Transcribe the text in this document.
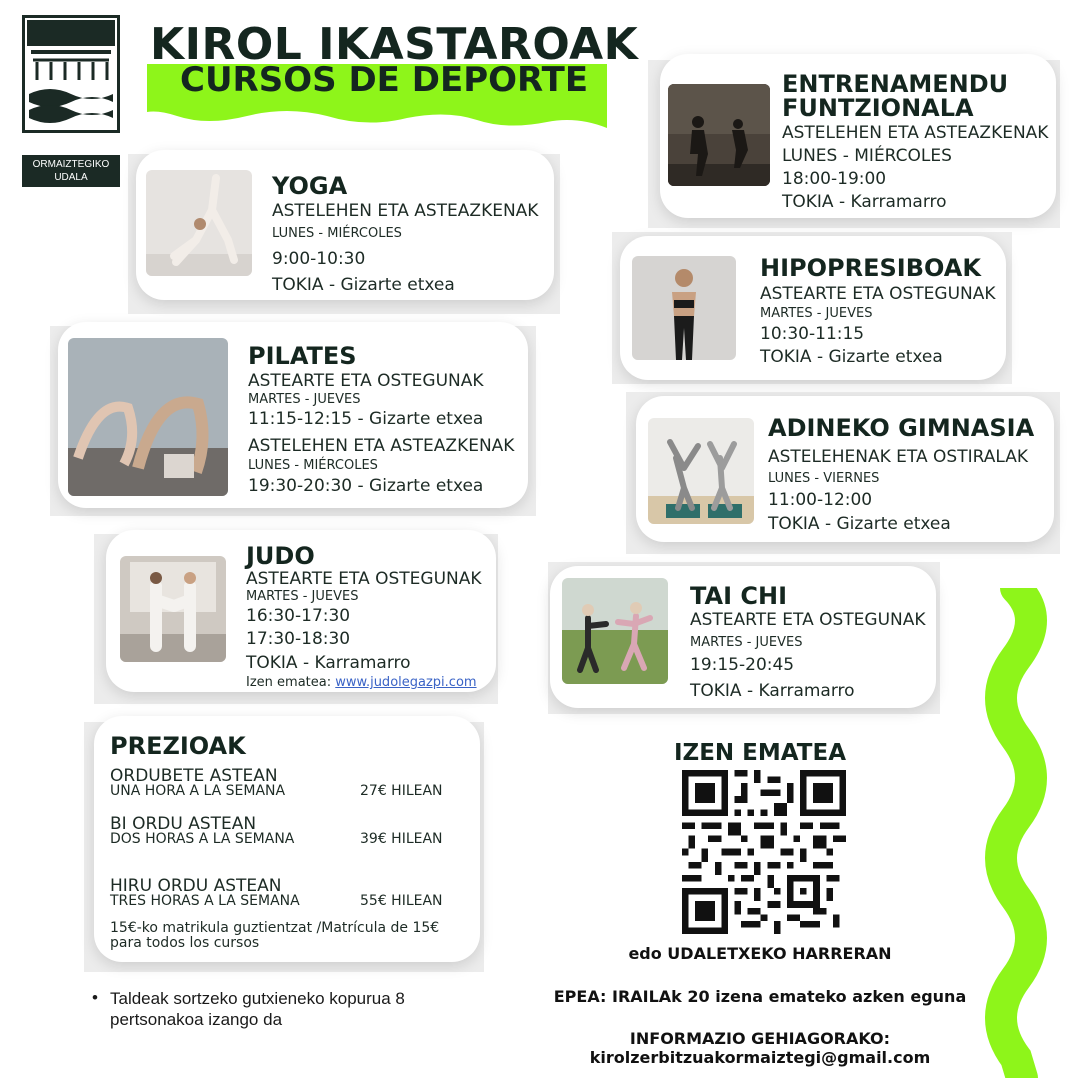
ORMAIZTEGIKO
UDALA
KIROL IKASTAROAK
CURSOS DE DEPORTE	ENTRENAMENDU
FUNTZIONALA
ASTELEHEN ETA ASTEAZKENAK
LUNES - MIÉRCOLES
18:00-19:00
TOKIA - Karramarro
YOGA
ASTELEHEN ETA ASTEAZKENAK
LUNES - MIÉRCOLES
9:00-10:30
TOKIA - Gizarte etxea
HIPOPRESIBOAK
ASTEARTE ETA OSTEGUNAK
MARTES - JUEVES
10:30-11:15
TOKIA - Gizarte etxea
PILATES
ASTEARTE ETA OSTEGUNAK
MARTES - JUEVES
11:15-12:15 - Gizarte etxea
ASTELEHEN ETA ASTEAZKENAK
LUNES - MIÉRCOLES
19:30-20:30 - Gizarte etxea
ADINEKO GIMNASIA
ASTELEHENAK ETA OSTIRALAK
LUNES - VIERNES
11:00-12:00
TOKIA - Gizarte etxea
JUDO
ASTEARTE ETA OSTEGUNAK
MARTES - JUEVES
16:30-17:30
17:30-18:30
TOKIA - Karramarro
Izen ematea: www.judolegazpi.com
TAI CHI
ASTEARTE ETA OSTEGUNAK
MARTES - JUEVES
19:15-20:45
TOKIA - Karramarro
PREZIOAK
ORDUBETE ASTEAN
UNA HORA A LA SEMANA	27€ HILEAN
BI ORDU ASTEAN
DOS HORAS A LA SEMANA	39€ HILEAN
HIRU ORDU ASTEAN
TRES HORAS A LA SEMANA	55€ HILEAN
15€-ko matrikula guztientzat /Matrícula de 15€
para todos los cursos
• Taldeak sortzeko gutxieneko kopurua 8
pertsonakoa izango da
IZEN EMATEA
edo UDALETXEKO HARRERAN
EPEA: IRAILAk 20 izena emateko azken eguna
INFORMAZIO GEHIAGORAKO:
kirolzerbitzuakormaiztegi@gmail.com
